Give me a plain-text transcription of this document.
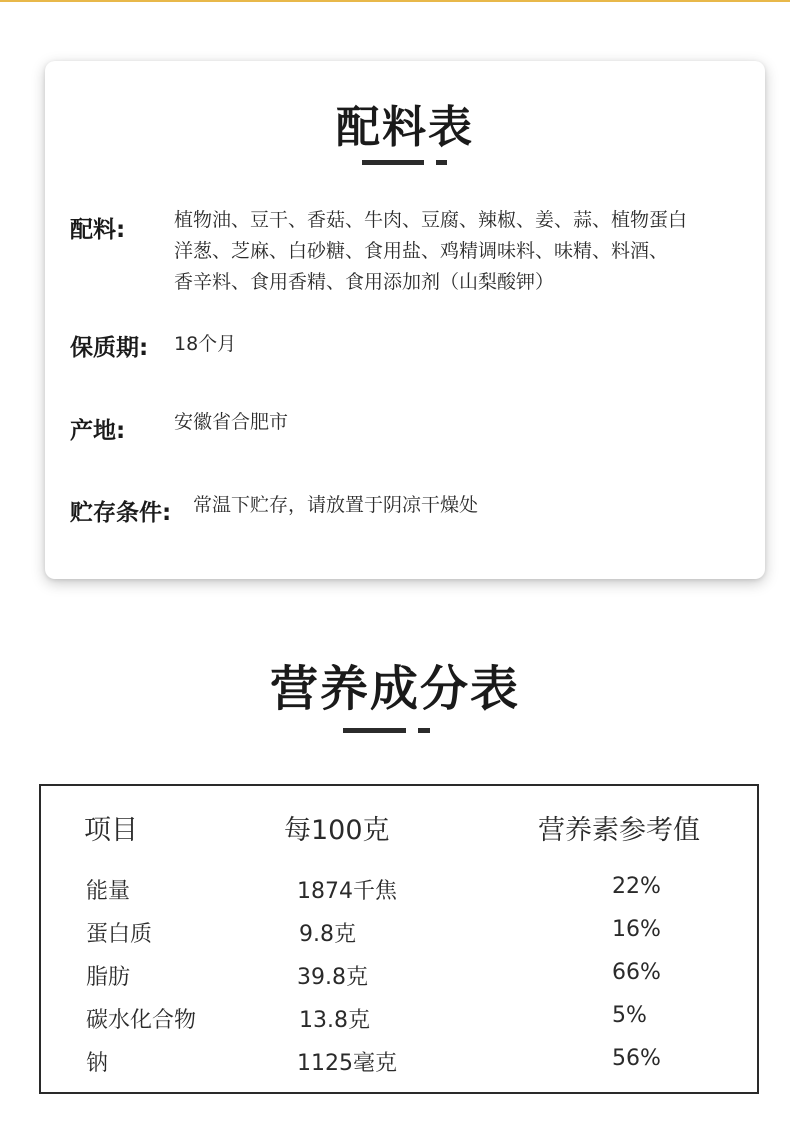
配料表
配料:	植物油、豆干、香菇、牛肉、豆腐、辣椒、姜、蒜、植物蛋白
洋葱、芝麻、白砂糖、食用盐、鸡精调味料、味精、料酒、
香辛料、食用香精、食用添加剂（山梨酸钾）
保质期: 18个月
产地:	安徽省合肥市
贮存条件: 常温下贮存，请放置于阴凉干燥处
营养成分表
项目	每100克	营养素参考值
能量	1874千焦	22%
蛋白质	9.8克	16%
脂肪	39.8克	66%
碳水化合物	13.8克	5%
钠	1125毫克	56%
